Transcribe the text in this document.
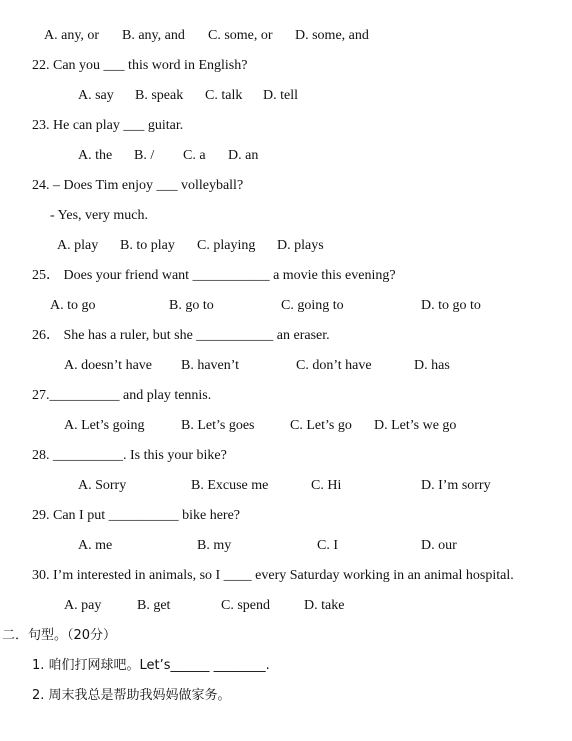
A. any, or B. any, and C. some, or D. some, and
22. Can you ___ this word in English?
A. say B. speak C. talk D. tell
23. He can play ___ guitar.
A. the B. / C. a D. an
24. – Does Tim enjoy ___ volleyball?
- Yes, very much.
A. play B. to play C. playing D. plays
25． Does your friend want ___________ a movie this evening?
A. to go	B. go to	C. going to	D. to go to
26． She has a ruler, but she ___________ an eraser.
A. doesn’t have B. haven’t	C. don’t have	D. has
27.__________ and play tennis.
A. Let’s going	B. Let’s goes	C. Let’s go D. Let’s we go
28. __________. Is this your bike?
A. Sorry	B. Excuse me	C. Hi	D. I’m sorry
29. Can I put __________ bike here?
A. me	B. my	C. I	D. our
30. I’m interested in animals, so I ____ every Saturday working in an animal hospital.
A. pay	B. get	C. spend D. take
二．句型。（20分）
1. 咱们打网球吧。Let’s______ ________.
2. 周末我总是帮助我妈妈做家务。
